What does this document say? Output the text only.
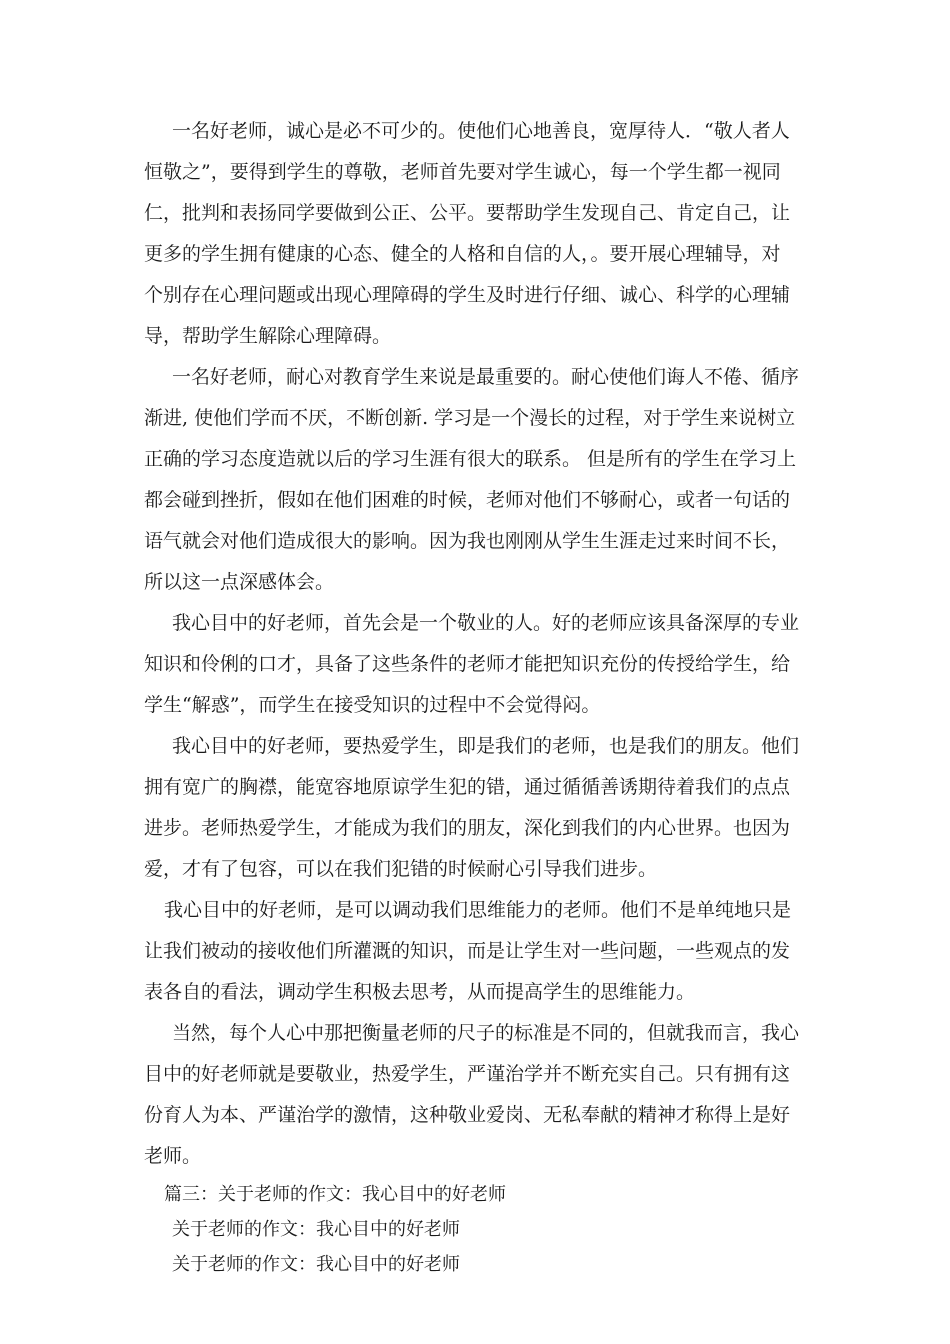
一名好老师，诚心是必不可少的。使他们心地善良，宽厚待人．“敬人者人

恒敬之”，要得到学生的尊敬，老师首先要对学生诚心，每一个学生都一视同

仁，批判和表扬同学要做到公正、公平。要帮助学生发现自己、肯定自己，让

更多的学生拥有健康的心态、健全的人格和自信的人，。要开展心理辅导，对

个别存在心理问题或出现心理障碍的学生及时进行仔细、诚心、科学的心理辅

导，帮助学生解除心理障碍。

一名好老师，耐心对教育学生来说是最重要的。耐心使他们诲人不倦、循序

渐进, 使他们学而不厌，不断创新. 学习是一个漫长的过程，对于学生来说树立

正确的学习态度造就以后的学习生涯有很大的联系。 但是所有的学生在学习上

都会碰到挫折，假如在他们困难的时候，老师对他们不够耐心，或者一句话的

语气就会对他们造成很大的影响。因为我也刚刚从学生生涯走过来时间不长，

所以这一点深感体会。

我心目中的好老师，首先会是一个敬业的人。好的老师应该具备深厚的专业

知识和伶俐的口才，具备了这些条件的老师才能把知识充份的传授给学生，给

学生“解惑”，而学生在接受知识的过程中不会觉得闷。

我心目中的好老师，要热爱学生，即是我们的老师，也是我们的朋友。他们

拥有宽广的胸襟，能宽容地原谅学生犯的错，通过循循善诱期待着我们的点点

进步。老师热爱学生，才能成为我们的朋友，深化到我们的内心世界。也因为

爱，才有了包容，可以在我们犯错的时候耐心引导我们进步。

我心目中的好老师，是可以调动我们思维能力的老师。他们不是单纯地只是

让我们被动的接收他们所灌溉的知识，而是让学生对一些问题，一些观点的发

表各自的看法，调动学生积极去思考，从而提高学生的思维能力。

当然，每个人心中那把衡量老师的尺子的标准是不同的，但就我而言，我心

目中的好老师就是要敬业，热爱学生，严谨治学并不断充实自己。只有拥有这

份育人为本、严谨治学的激情，这种敬业爱岗、无私奉献的精神才称得上是好

老师。

篇三：关于老师的作文：我心目中的好老师

关于老师的作文：我心目中的好老师

关于老师的作文：我心目中的好老师
